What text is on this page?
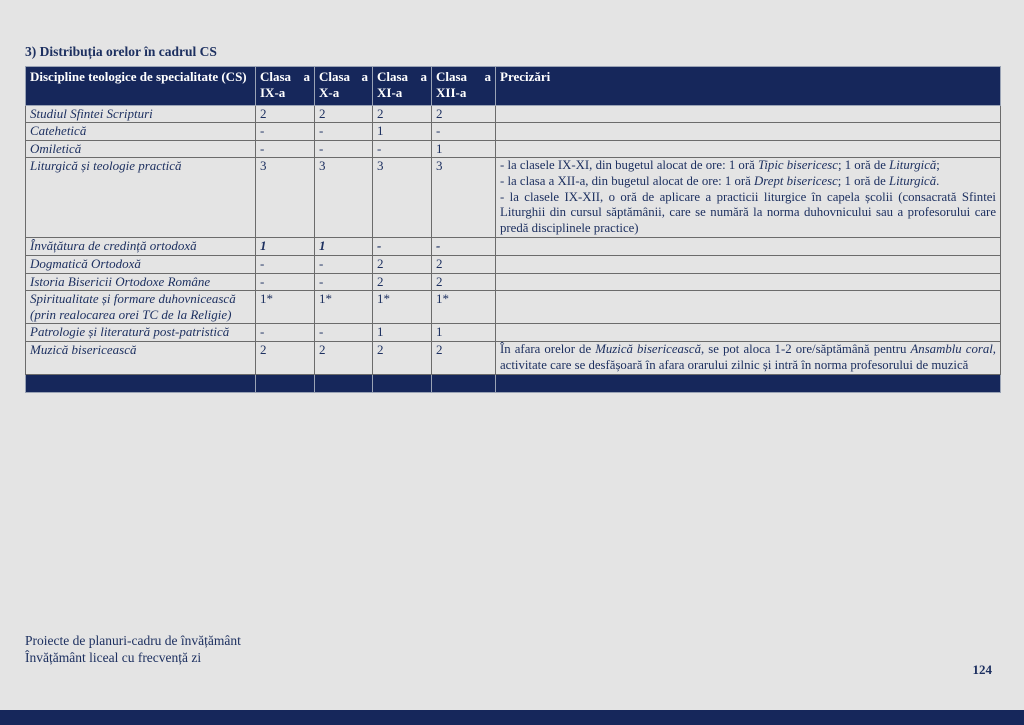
3) Distribuția orelor în cadrul CS
Discipline teologice de specialitate (CS)	Clasa a IX-a	Clasa a X-a	Clasa a XI-a	Clasa a XII-a	Precizări
Studiul Sfintei Scripturi	2	2	2	2	
Catehetică	-	-	1	-	
Omiletică	-	-	-	1	
Liturgică și teologie practică	3	3	3	3	- la clasele IX-XI, din bugetul alocat de ore: 1 oră Tipic bisericesc; 1 oră de Liturgică;
- la clasa a XII-a, din bugetul alocat de ore: 1 oră Drept bisericesc; 1 oră de Liturgică.
- la clasele IX-XII, o oră de aplicare a practicii liturgice în capela școlii (consacrată Sfintei Liturghii din cursul săptămânii, care se numără la norma duhovnicului sau a profesorului care predă disciplinele practice)

Învățătura de credință ortodoxă	1	1	-	-	
Dogmatică Ortodoxă	-	-	2	2	
Istoria Bisericii Ortodoxe Române	-	-	2	2	
Spiritualitate și formare duhovnicească (prin realocarea orei TC de la Religie)	1*	1*	1*	1*	
Patrologie și literatură post-patristică	-	-	1	1	
Muzică bisericească	2	2	2	2	În afara orelor de Muzică bisericească, se pot aloca 1-2 ore/săptămână pentru Ansamblu coral, activitate care se desfășoară în afara orarului zilnic și intră în norma profesorului de muzică

Proiecte de planuri-cadru de învățământ
Învățământ liceal cu frecvență zi
124
